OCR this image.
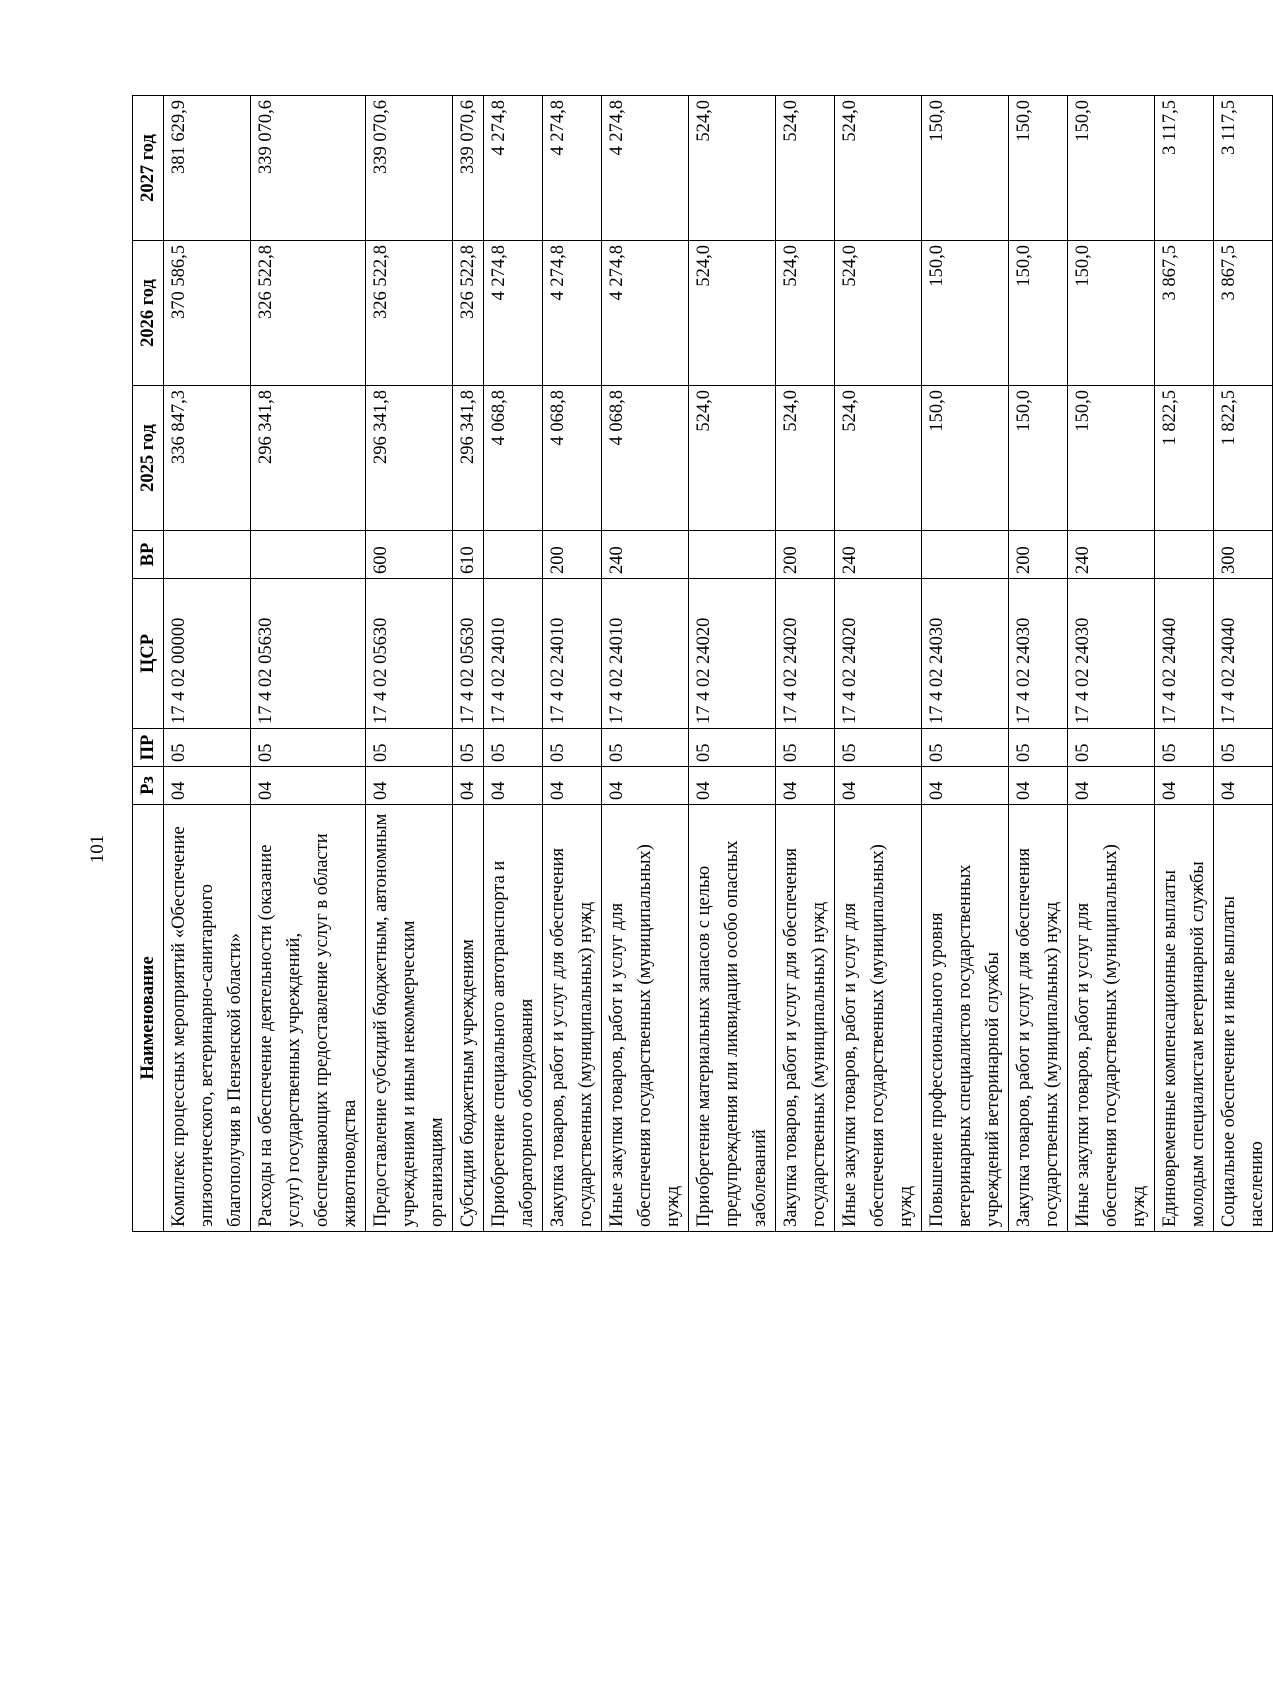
101
Наименование	Рз	ПР	ЦСР	ВР	2025 год	2026 год	2027 год
Комплекс процессных мероприятий «Обеспечение эпизоотического, ветеринарно-санитарного благополучия в Пензенской области»	04	05	17 4 02 00000		336 847,3	370 586,5	381 629,9
Расходы на обеспечение деятельности (оказание услуг) государственных учреждений, обеспечивающих предоставление услуг в области животноводства	04	05	17 4 02 05630		296 341,8	326 522,8	339 070,6
Предоставление субсидий бюджетным, автономным учреждениям и иным некоммерческим организациям	04	05	17 4 02 05630	600	296 341,8	326 522,8	339 070,6
Субсидии бюджетным учреждениям	04	05	17 4 02 05630	610	296 341,8	326 522,8	339 070,6
Приобретение специального автотранспорта и лабораторного оборудования	04	05	17 4 02 24010		4 068,8	4 274,8	4 274,8
Закупка товаров, работ и услуг для обеспечения государственных (муниципальных) нужд	04	05	17 4 02 24010	200	4 068,8	4 274,8	4 274,8
Иные закупки товаров, работ и услуг для обеспечения государственных (муниципальных) нужд	04	05	17 4 02 24010	240	4 068,8	4 274,8	4 274,8
Приобретение материальных запасов с целью предупреждения или ликвидации особо опасных заболеваний	04	05	17 4 02 24020		524,0	524,0	524,0
Закупка товаров, работ и услуг для обеспечения государственных (муниципальных) нужд	04	05	17 4 02 24020	200	524,0	524,0	524,0
Иные закупки товаров, работ и услуг для обеспечения государственных (муниципальных) нужд	04	05	17 4 02 24020	240	524,0	524,0	524,0
Повышение профессионального уровня ветеринарных специалистов государственных учреждений ветеринарной службы	04	05	17 4 02 24030		150,0	150,0	150,0
Закупка товаров, работ и услуг для обеспечения государственных (муниципальных) нужд	04	05	17 4 02 24030	200	150,0	150,0	150,0
Иные закупки товаров, работ и услуг для обеспечения государственных (муниципальных) нужд	04	05	17 4 02 24030	240	150,0	150,0	150,0
Единовременные компенсационные выплаты молодым специалистам ветеринарной службы	04	05	17 4 02 24040		1 822,5	3 867,5	3 117,5
Социальное обеспечение и иные выплаты населению	04	05	17 4 02 24040	300	1 822,5	3 867,5	3 117,5
